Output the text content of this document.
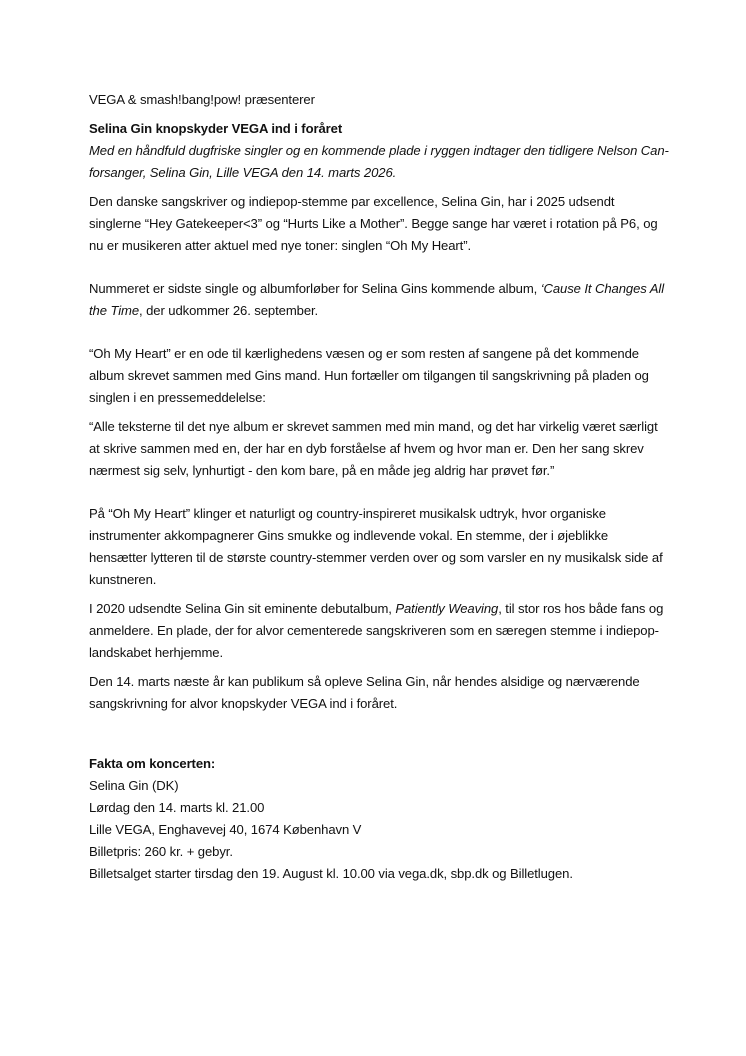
VEGA & smash!bang!pow! præsenterer

Selina Gin knopskyder VEGA ind i foråret

Med en håndfuld dugfriske singler og en kommende plade i ryggen indtager den tidligere Nelson Can-forsanger, Selina Gin, Lille VEGA den 14. marts 2026.

Den danske sangskriver og indiepop-stemme par excellence, Selina Gin, har i 2025 udsendt singlerne “Hey Gatekeeper<3” og “Hurts Like a Mother”. Begge sange har været i rotation på P6, og nu er musikeren atter aktuel med nye toner: singlen “Oh My Heart”.

Nummeret er sidste single og albumforløber for Selina Gins kommende album, ‘Cause It Changes All the Time, der udkommer 26. september.

“Oh My Heart” er en ode til kærlighedens væsen og er som resten af sangene på det kommende album skrevet sammen med Gins mand. Hun fortæller om tilgangen til sangskrivning på pladen og singlen i en pressemeddelelse:

“Alle teksterne til det nye album er skrevet sammen med min mand, og det har virkelig været særligt at skrive sammen med en, der har en dyb forståelse af hvem og hvor man er. Den her sang skrev nærmest sig selv, lynhurtigt - den kom bare, på en måde jeg aldrig har prøvet før.”

På “Oh My Heart” klinger et naturligt og country-inspireret musikalsk udtryk, hvor organiske instrumenter akkompagnerer Gins smukke og indlevende vokal. En stemme, der i øjeblikke hensætter lytteren til de største country-stemmer verden over og som varsler en ny musikalsk side af kunstneren.

I 2020 udsendte Selina Gin sit eminente debutalbum, Patiently Weaving, til stor ros hos både fans og anmeldere. En plade, der for alvor cementerede sangskriveren som en særegen stemme i indiepop-landskabet herhjemme.

Den 14. marts næste år kan publikum så opleve Selina Gin, når hendes alsidige og nærværende sangskrivning for alvor knopskyder VEGA ind i foråret.

Fakta om koncerten:

Selina Gin (DK)

Lørdag den 14. marts kl. 21.00

Lille VEGA, Enghavevej 40, 1674 København V

Billetpris: 260 kr. + gebyr.

Billetsalget starter tirsdag den 19. August kl. 10.00 via vega.dk, sbp.dk og Billetlugen.
